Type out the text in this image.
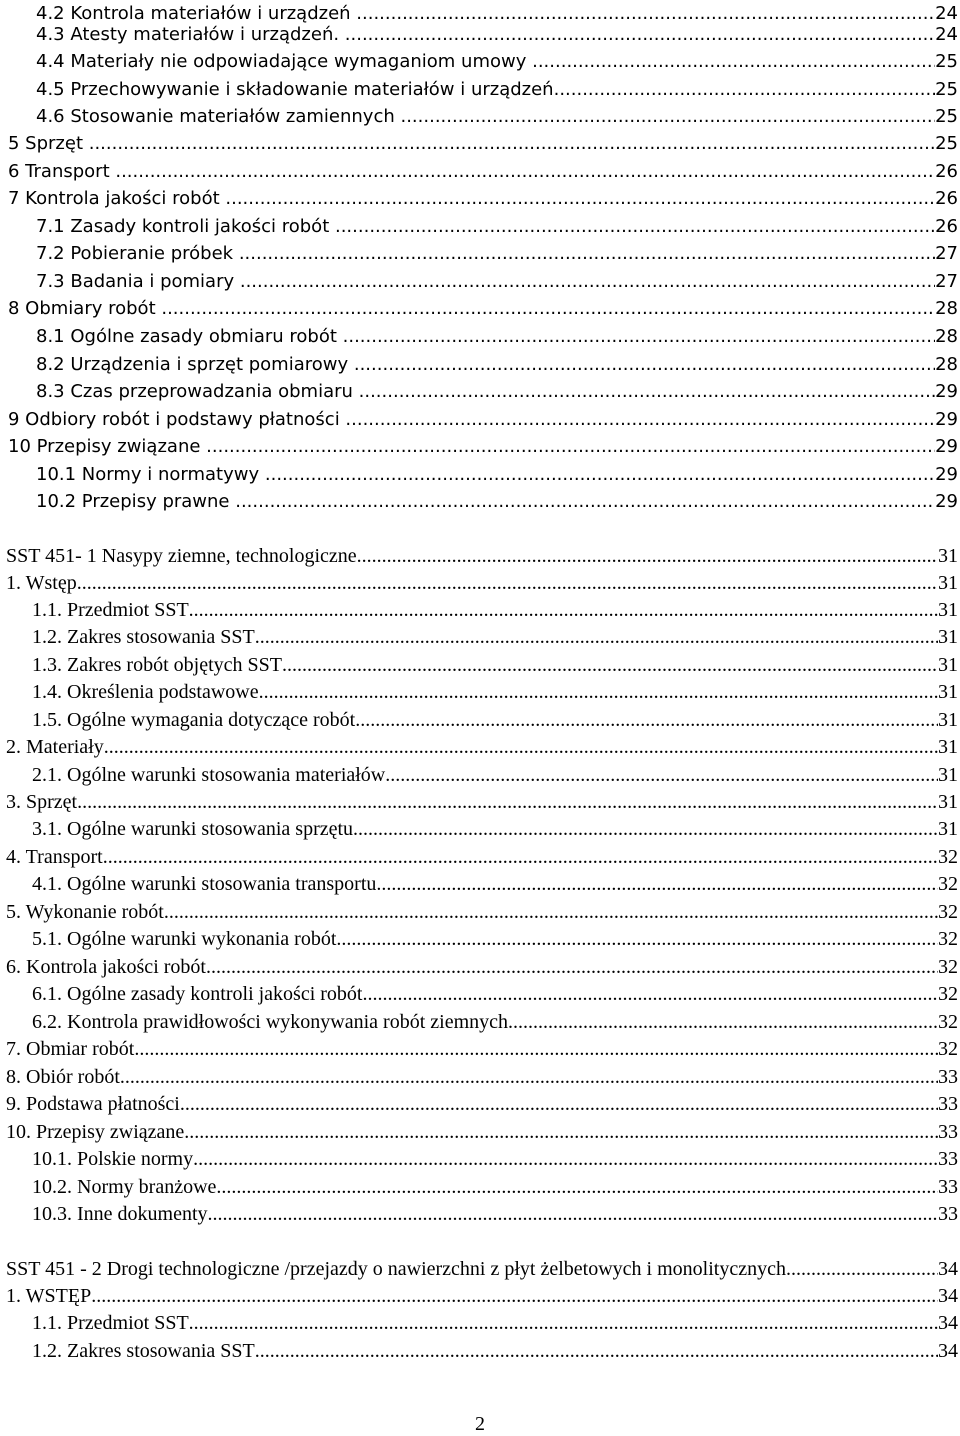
4.2 Kontrola materiałów i urządzeń .....	24
4.3 Atesty materiałów i urządzeń. .....	24
4.4 Materiały nie odpowiadające wymaganiom umowy .....	25
4.5 Przechowywanie i składowanie materiałów i urządzeń .....	25
4.6 Stosowanie materiałów zamiennych .....	25
5 Sprzęt .....	25
6 Transport .....	26
7 Kontrola jakości robót .....	26
7.1 Zasady kontroli jakości robót .....	26
7.2 Pobieranie próbek .....	27
7.3 Badania i pomiary .....	27
8 Obmiary robót .....	28
8.1 Ogólne zasady obmiaru robót .....	28
8.2 Urządzenia i sprzęt pomiarowy .....	28
8.3 Czas przeprowadzania obmiaru .....	29
9 Odbiory robót i podstawy płatności .....	29
10 Przepisy związane .....	29
10.1 Normy i normatywy .....	29
10.2 Przepisy prawne .....	29
SST 451- 1 Nasypy ziemne, technologiczne .....	31
1. Wstęp .....	31
1.1. Przedmiot SST .....	31
1.2. Zakres stosowania SST .....	31
1.3. Zakres robót objętych SST .....	31
1.4. Określenia podstawowe .....	31
1.5. Ogólne wymagania dotyczące robót .....	31
2. Materiały .....	31
2.1. Ogólne warunki stosowania materiałów .....	31
3. Sprzęt .....	31
3.1. Ogólne warunki stosowania sprzętu .....	31
4. Transport .....	32
4.1. Ogólne warunki stosowania transportu .....	32
5. Wykonanie robót .....	32
5.1. Ogólne warunki wykonania robót .....	32
6. Kontrola jakości robót .....	32
6.1. Ogólne zasady kontroli jakości robót .....	32
6.2. Kontrola prawidłowości wykonywania robót ziemnych .....	32
7. Obmiar robót .....	32
8. Obiór robót .....	33
9. Podstawa płatności .....	33
10. Przepisy związane .....	33
10.1. Polskie normy .....	33
10.2. Normy branżowe .....	33
10.3. Inne dokumenty .....	33
SST 451 - 2 Drogi technologiczne /przejazdy o nawierzchni z płyt żelbetowych i monolitycznych .....	34
1. WSTĘP .....	34
1.1. Przedmiot SST .....	34
1.2. Zakres stosowania SST .....	34
2
